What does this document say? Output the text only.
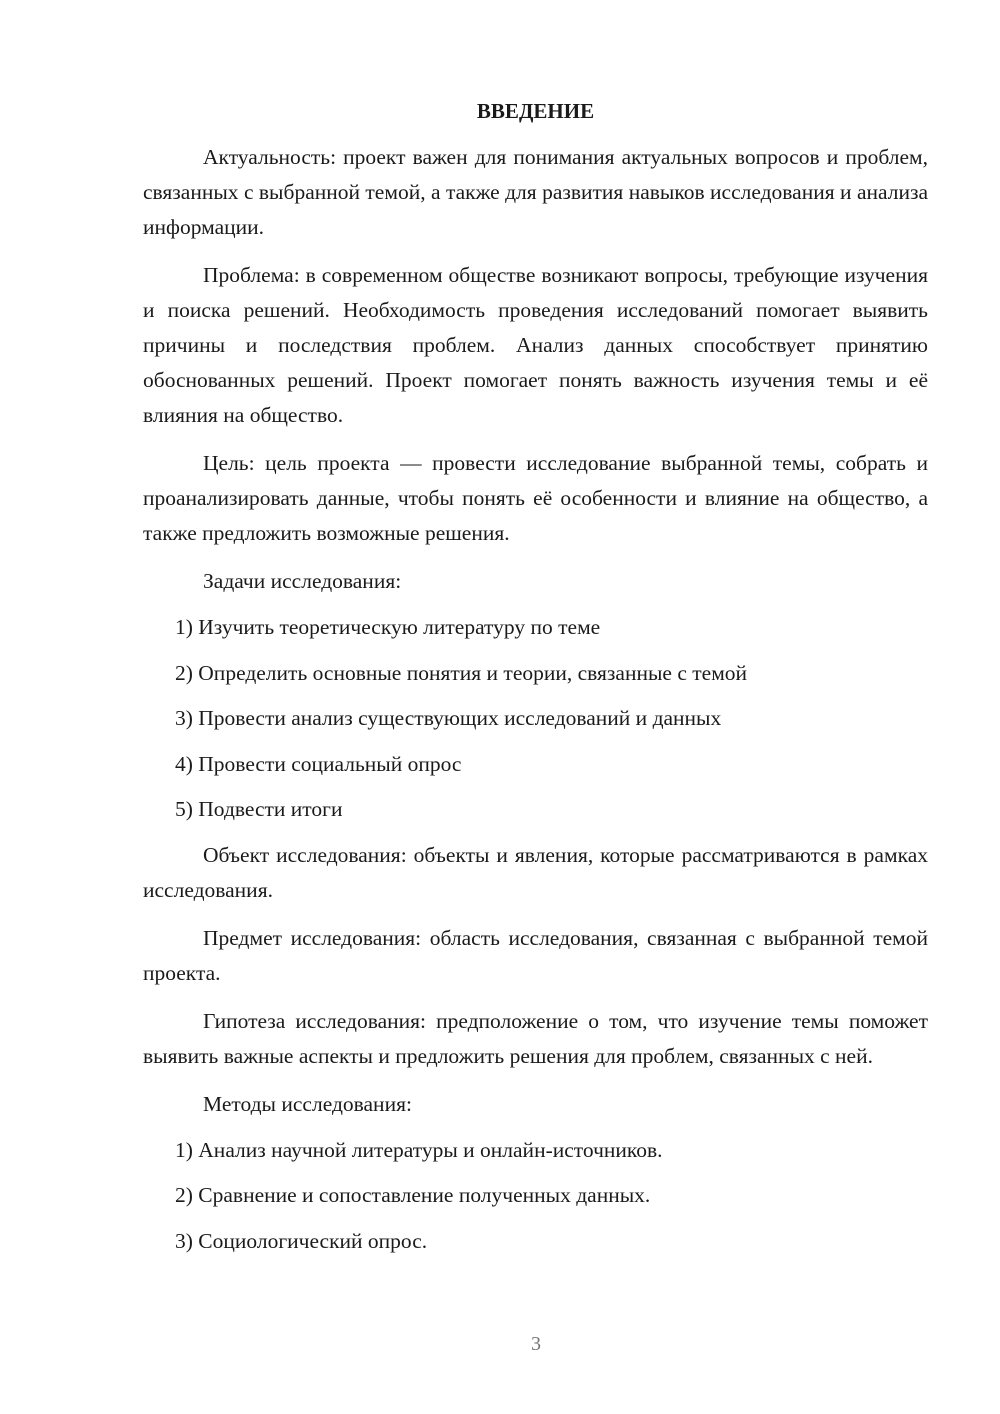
ВВЕДЕНИЕ

Актуальность: проект важен для понимания актуальных вопросов и проблем, связанных с выбранной темой, а также для развития навыков исследования и анализа информации.

Проблема: в современном обществе возникают вопросы, требующие изучения и поиска решений. Необходимость проведения исследований помогает выявить причины и последствия проблем. Анализ данных способствует принятию обоснованных решений. Проект помогает понять важность изучения темы и её влияния на общество.

Цель: цель проекта — провести исследование выбранной темы, собрать и проанализировать данные, чтобы понять её особенности и влияние на общество, а также предложить возможные решения.

Задачи исследования:

1) Изучить теоретическую литературу по теме
2) Определить основные понятия и теории, связанные с темой
3) Провести анализ существующих исследований и данных
4) Провести социальный опрос
5) Подвести итоги

Объект исследования: объекты и явления, которые рассматриваются в рамках исследования.

Предмет исследования: область исследования, связанная с выбранной темой проекта.

Гипотеза исследования: предположение о том, что изучение темы поможет выявить важные аспекты и предложить решения для проблем, связанных с ней.

Методы исследования:

1) Анализ научной литературы и онлайн-источников.
2) Сравнение и сопоставление полученных данных.
3) Социологический опрос.
3
